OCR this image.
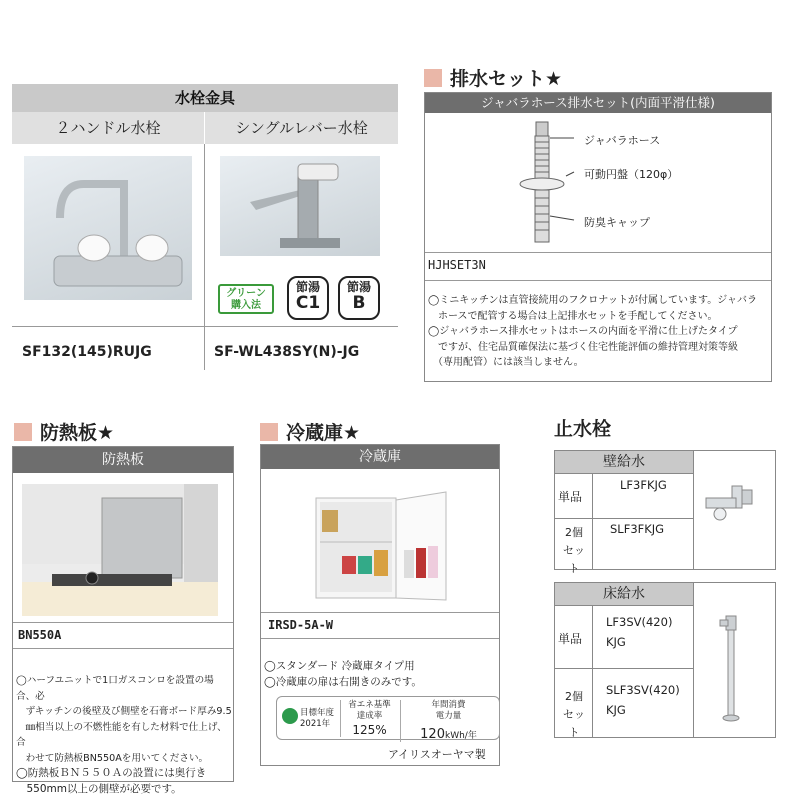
水栓金具
２ハンドル水栓	シングルレバー水栓
グリーン
購入法
節湯
C1
節湯
B
SF132(145)RUJG	SF-WL438SY(N)-JG
排水セット★
ジャバラホース排水セット(内面平滑仕様)
ジャバラホース
可動円盤（120φ）
防臭キャップ
HJHSET3N
◯ミニキッチンは直管接続用のフクロナットが付属しています。ジャバラ
　ホースで配管する場合は上記排水セットを手配してください。
◯ジャバラホース排水セットはホースの内面を平滑に仕上げたタイプ
　ですが、住宅品質確保法に基づく住宅性能評価の維持管理対策等級
　（専用配管）には該当しません。
防熱板★
防熱板
BN550A
◯ハーフユニットで1口ガスコンロを設置の場合、必
　ずキッチンの後壁及び側壁を石膏ボード厚み9.5
　㎜相当以上の不燃性能を有した材料で仕上げ、合
　わせて防熱板BN550Aを用いてください。
◯防熱板ＢＮ５５０Ａの設置には奥行き
　550mm以上の側壁が必要です。
冷蔵庫★
冷蔵庫
IRSD-5A-W
◯スタンダード 冷蔵庫タイプ用
◯冷蔵庫の扉は右開きのみです。
目標年度
2021年
省エネ基準
達成率
125%
年間消費
電力量
120kWh/年
アイリスオーヤマ製
止水栓
壁給水
単品
2個
セット
LF3FKJG
SLF3FKJG
床給水
単品
2個
セット
LF3SV(420)
KJG
SLF3SV(420)
KJG
